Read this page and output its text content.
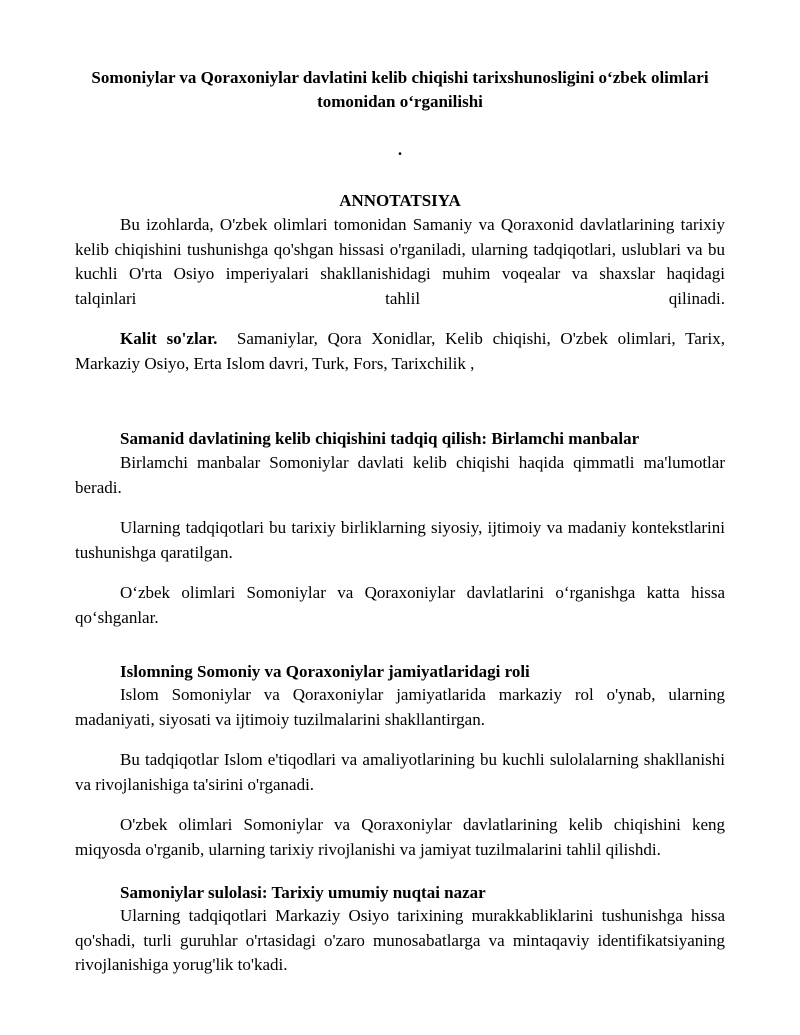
Somoniylar va Qoraxoniylar davlatini kelib chiqishi tarixshunosligini o‘zbek olimlari tomonidan o‘rganilishi
.
ANNOTATSIYA
Bu izohlarda, O'zbek olimlari tomonidan Samaniy va Qoraxonid davlatlarining tarixiy kelib chiqishini tushunishga qo'shgan hissasi o'rganiladi, ularning tadqiqotlari, uslublari va bu kuchli O'rta Osiyo imperiyalari shakllanishidagi muhim voqealar va shaxslar haqidagi talqinlari tahlil qilinadi.
Kalit so'zlar. Samaniylar, Qora Xonidlar, Kelib chiqishi, O'zbek olimlari, Tarix, Markaziy Osiyo, Erta Islom davri, Turk, Fors, Tarixchilik ,
Samanid davlatining kelib chiqishini tadqiq qilish: Birlamchi manbalar
Birlamchi manbalar Somoniylar davlati kelib chiqishi haqida qimmatli ma'lumotlar beradi.
Ularning tadqiqotlari bu tarixiy birliklarning siyosiy, ijtimoiy va madaniy kontekstlarini tushunishga qaratilgan.
O‘zbek olimlari Somoniylar va Qoraxoniylar davlatlarini o‘rganishga katta hissa qo‘shganlar.
Islomning Somoniy va Qoraxoniylar jamiyatlaridagi roli
Islom Somoniylar va Qoraxoniylar jamiyatlarida markaziy rol o'ynab, ularning madaniyati, siyosati va ijtimoiy tuzilmalarini shakllantirgan.
Bu tadqiqotlar Islom e'tiqodlari va amaliyotlarining bu kuchli sulolalarning shakllanishi va rivojlanishiga ta'sirini o'rganadi.
O'zbek olimlari Somoniylar va Qoraxoniylar davlatlarining kelib chiqishini keng miqyosda o'rganib, ularning tarixiy rivojlanishi va jamiyat tuzilmalarini tahlil qilishdi.
Samoniylar sulolasi: Tarixiy umumiy nuqtai nazar
Ularning tadqiqotlari Markaziy Osiyo tarixining murakkabliklarini tushunishga hissa qo'shadi, turli guruhlar o'rtasidagi o'zaro munosabatlarga va mintaqaviy identifikatsiyaning rivojlanishiga yorug'lik to'kadi.
